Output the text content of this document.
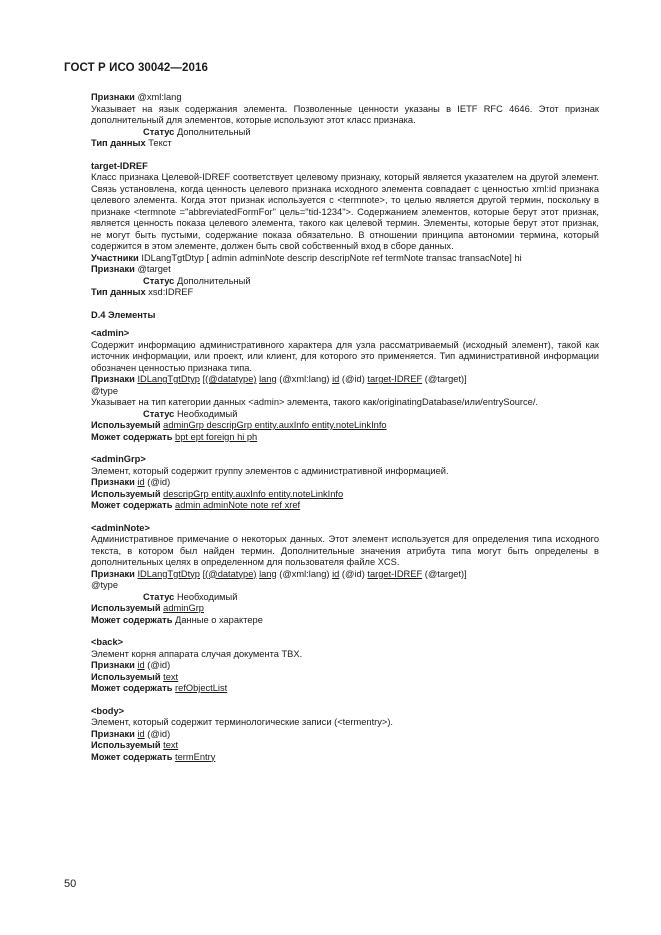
ГОСТ Р ИСО 30042—2016

Признаки @xml:lang

Указывает на язык содержания элемента. Позволенные ценности указаны в IETF RFC 4646. Этот признак дополнительный для элементов, которые используют этот класс признака.

Статус Дополнительный

Тип данных Текст

target-IDREF

Класс признака Целевой-IDREF соответствует целевому признаку, который является указателем на другой элемент. Связь установлена, когда ценность целевого признака исходного элемента совпадает с ценностью xml:id признака целевого элемента. Когда этот признак используется с <termnote>, то целью является другой термин, поскольку в признаке <termnote ="abbreviatedFormFor" цель="tid-1234">. Содержанием элементов, которые берут этот признак, является ценность показа целевого элемента, такого как целевой термин. Элементы, которые берут этот признак, не могут быть пустыми, содержание показа обязательно. В отношении принципа автономии термина, который содержится в этом элементе, должен быть свой собственный вход в сборе данных.

Участники IDLangTgtDtyp [ admin adminNote descrip descripNote ref termNote transac transacNote] hi

Признаки @target

Статус Дополнительный

Тип данных xsd:IDREF

D.4 Элементы

<admin>

Содержит информацию административного характера для узла рассматриваемый (исходный элемент), такой как источник информации, или проект, или клиент, для которого это применяется. Тип административной информации обозначен ценностью признака типа.

Признаки IDLangTgtDtyp [(@datatype) lang (@xml:lang) id (@id) target-IDREF (@target)]

@type

Указывает на тип категории данных <admin> элемента, такого как/originatingDatabase/или/entrySource/.

Статус Необходимый

Используемый adminGrp descripGrp entity.auxInfo entity.noteLinkInfo

Может содержать bpt ept foreign hi ph

<adminGrp>

Элемент, который содержит группу элементов с административной информацией.

Признаки id (@id)

Используемый descripGrp entity.auxInfo entity.noteLinkInfo

Может содержать admin adminNote note ref xref

<adminNote>

Административное примечание о некоторых данных. Этот элемент используется для определения типа исходного текста, в котором был найден термин. Дополнительные значения атрибута типа могут быть определены в дополнительных целях в определенном для пользователя файле XCS.

Признаки IDLangTgtDtyp [(@datatype) lang (@xml:lang) id (@id) target-IDREF (@target)]

@type

Статус Необходимый

Используемый adminGrp

Может содержать Данные о характере

<back>

Элемент корня аппарата случая документа TBX.

Признаки id (@id)

Используемый text

Может содержать refObjectList

<body>

Элемент, который содержит терминологические записи (<termentry>).

Признаки id (@id)

Используемый text

Может содержать termEntry

50
